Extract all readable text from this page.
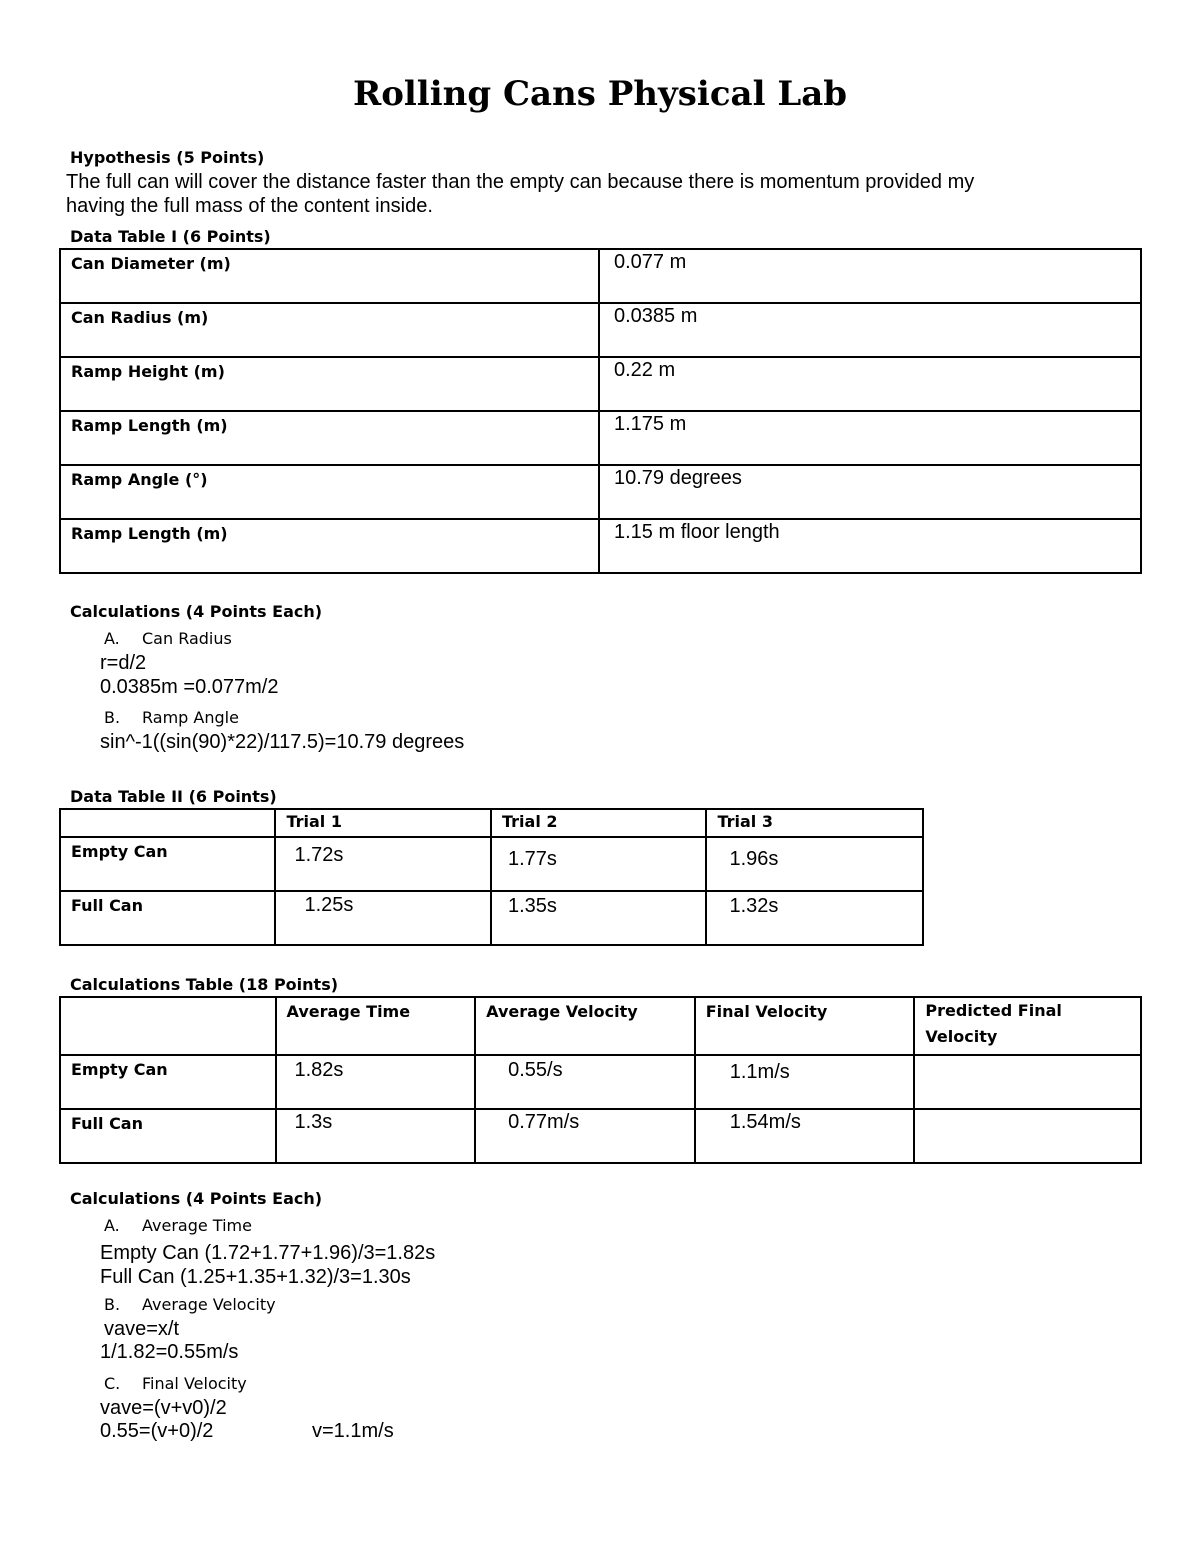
Rolling Cans Physical Lab
Hypothesis (5 Points)
The full can will cover the distance faster than the empty can because there is momentum provided my
having the full mass of the content inside.
Data Table I (6 Points)
Can Diameter (m)	0.077 m
Can Radius (m)	0.0385 m
Ramp Height (m)	0.22 m
Ramp Length (m)	1.175 m
Ramp Angle (°)	10.79 degrees
Ramp Length (m)	1.15 m floor length
Calculations (4 Points Each)
A. Can Radius
r=d/2
0.0385m =0.077m/2
B. Ramp Angle
sin^-1((sin(90)*22)/117.5)=10.79 degrees
Data Table II (6 Points)
	Trial 1	Trial 2	Trial 3
Empty Can	1.72s	1.77s	1.96s
Full Can	1.25s	1.35s	1.32s
Calculations Table (18 Points)
	Average Time	Average Velocity	Final Velocity	Predicted Final
Velocity

Empty Can	1.82s	0.55/s	1.1m/s	
Full Can	1.3s	0.77m/s	1.54m/s	
Calculations (4 Points Each)
A. Average Time
Empty Can (1.72+1.77+1.96)/3=1.82s
Full Can (1.25+1.35+1.32)/3=1.30s
B. Average Velocity
vave=x/t
1/1.82=0.55m/s
C. Final Velocity
vave=(v+v0)/2
0.55=(v+0)/2	v=1.1m/s
